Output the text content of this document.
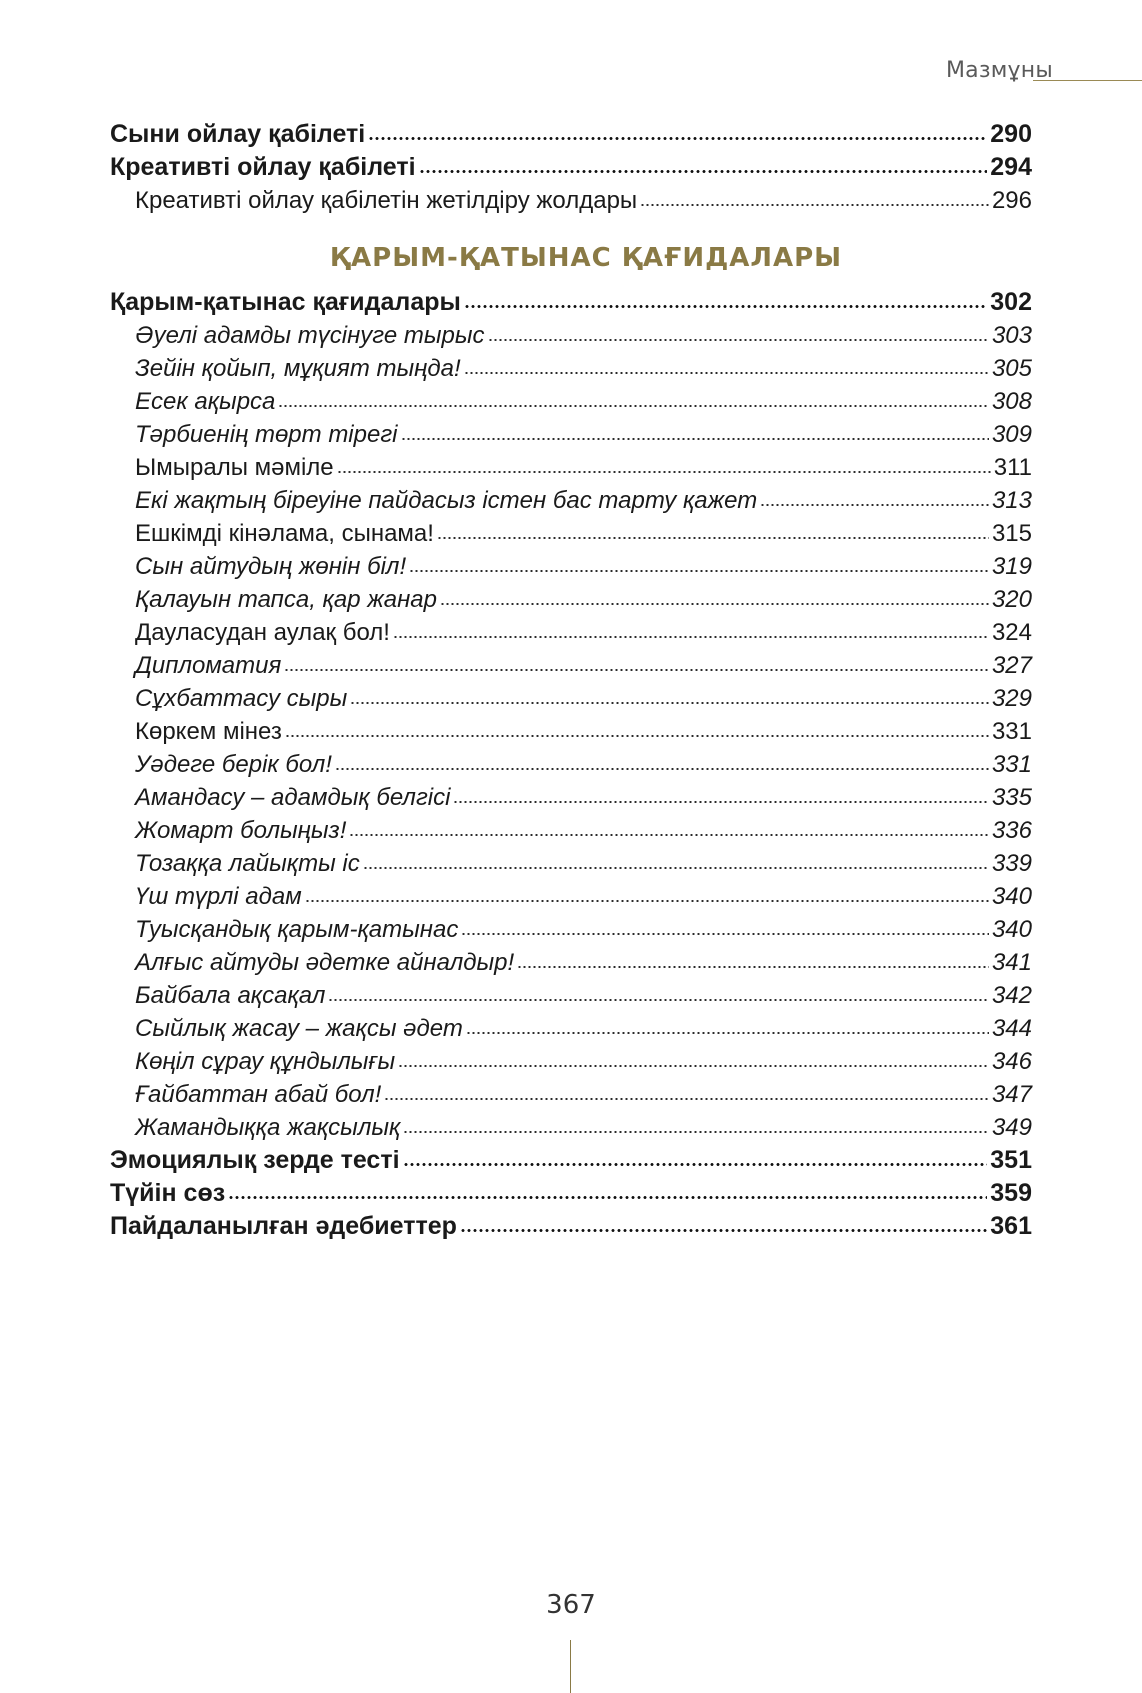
Мазмұны
Сыни ойлау қабілеті	290
Креативті ойлау қабілеті	294
Креативті ойлау қабілетін жетілдіру жолдары	296
ҚАРЫМ-ҚАТЫНАС ҚАҒИДАЛАРЫ
Қарым-қатынас қағидалары	302
Әуелі адамды түсінуге тырыс	303
Зейін қойып, мұқият тыңда!	305
Есек ақырса	308
Тәрбиенің төрт тірегі	309
Ымыралы мәміле	311
Екі жақтың біреуіне пайдасыз істен бас тарту қажет	313
Ешкімді кінәлама, сынама!	315
Сын айтудың жөнін біл!	319
Қалауын тапса, қар жанар	320
Дауласудан аулақ бол!	324
Дипломатия	327
Сұхбаттасу сыры	329
Көркем мінез	331
Уәдеге берік бол!	331
Амандасу – адамдық белгісі	335
Жомарт болыңыз!	336
Тозаққа лайықты іс	339
Үш түрлі адам	340
Туысқандық қарым-қатынас	340
Алғыс айтуды әдетке айналдыр!	341
Байбала ақсақал	342
Сыйлық жасау – жақсы әдет	344
Көңіл сұрау құндылығы	346
Ғайбаттан абай бол!	347
Жамандыққа жақсылық	349
Эмоциялық зерде тесті	351
Түйін сөз	359
Пайдаланылған әдебиеттер	361
367
